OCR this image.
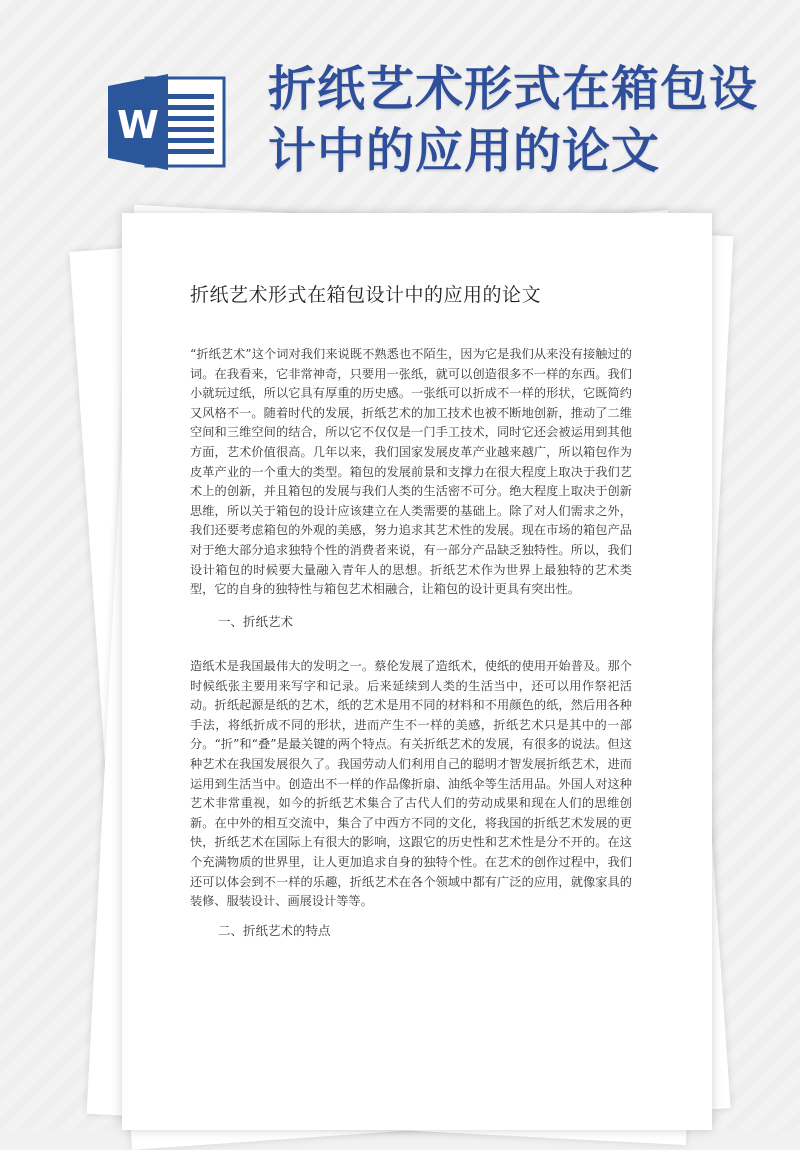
W
折纸艺术形式在箱包设计中的应用的论文
折纸艺术形式在箱包设计中的应用的论文

“折纸艺术”这个词对我们来说既不熟悉也不陌生，因为它是我们从来没有接触过的词。在我看来，它非常神奇，只要用一张纸，就可以创造很多不一样的东西。我们小就玩过纸，所以它具有厚重的历史感。一张纸可以折成不一样的形状，它既简约又风格不一。随着时代的发展，折纸艺术的加工技术也被不断地创新，推动了二维空间和三维空间的结合，所以它不仅仅是一门手工技术，同时它还会被运用到其他方面，艺术价值很高。几年以来，我们国家发展皮革产业越来越广，所以箱包作为皮革产业的一个重大的类型。箱包的发展前景和支撑力在很大程度上取决于我们艺术上的创新，并且箱包的发展与我们人类的生活密不可分。绝大程度上取决于创新思维，所以关于箱包的设计应该建立在人类需要的基础上。除了对人们需求之外，我们还要考虑箱包的外观的美感，努力追求其艺术性的发展。现在市场的箱包产品对于绝大部分追求独特个性的消费者来说，有一部分产品缺乏独特性。所以，我们设计箱包的时候要大量融入青年人的思想。折纸艺术作为世界上最独特的艺术类型，它的自身的独特性与箱包艺术相融合，让箱包的设计更具有突出性。

一、折纸艺术

造纸术是我国最伟大的发明之一。蔡伦发展了造纸术，使纸的使用开始普及。那个时候纸张主要用来写字和记录。后来延续到人类的生活当中，还可以用作祭祀活动。折纸起源是纸的艺术，纸的艺术是用不同的材料和不用颜色的纸，然后用各种手法，将纸折成不同的形状，进而产生不一样的美感，折纸艺术只是其中的一部分。“折”和“叠”是最关键的两个特点。有关折纸艺术的发展，有很多的说法。但这种艺术在我国发展很久了。我国劳动人们利用自己的聪明才智发展折纸艺术，进而运用到生活当中。创造出不一样的作品像折扇、油纸伞等生活用品。外国人对这种艺术非常重视，如今的折纸艺术集合了古代人们的劳动成果和现在人们的思维创新。在中外的相互交流中，集合了中西方不同的文化，将我国的折纸艺术发展的更快，折纸艺术在国际上有很大的影响，这跟它的历史性和艺术性是分不开的。在这个充满物质的世界里，让人更加追求自身的独特个性。在艺术的创作过程中，我们还可以体会到不一样的乐趣，折纸艺术在各个领域中都有广泛的应用，就像家具的装修、服装设计、画展设计等等。

二、折纸艺术的特点
